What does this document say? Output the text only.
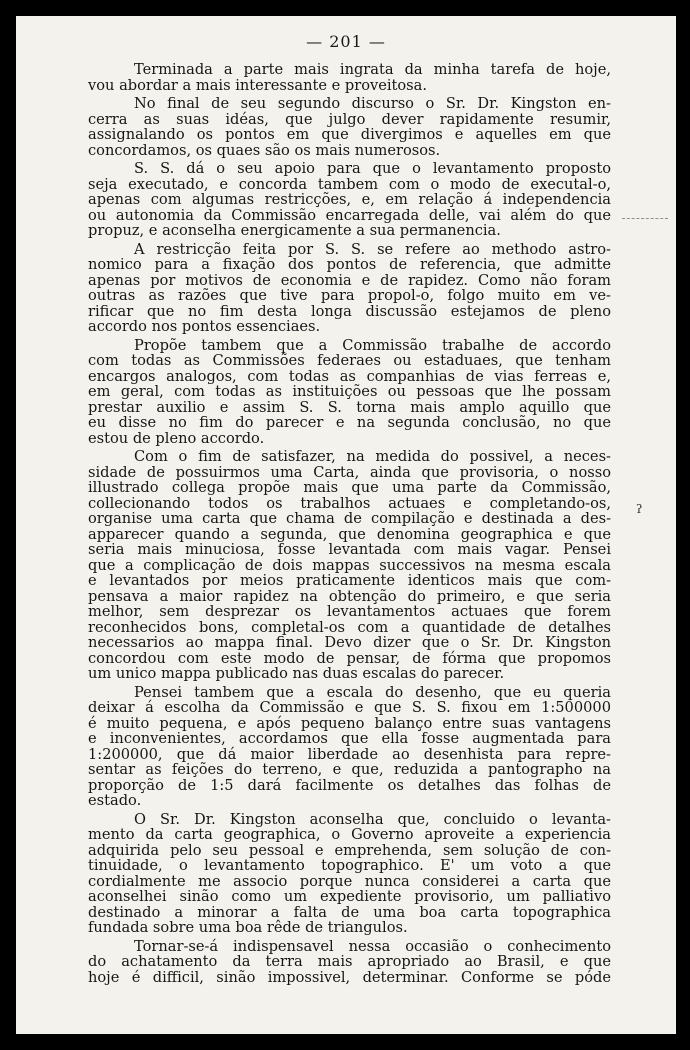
— 201 —
ʔ
Terminada a parte mais ingrata da minha tarefa de hoje,
vou abordar a mais interessante e proveitosa.
No final de seu segundo discurso o Sr. Dr. Kingston en-
cerra as suas idéas, que julgo dever rapidamente resumir,
assignalando os pontos em que divergimos e aquelles em que
concordamos, os quaes são os mais numerosos.
S. S. dá o seu apoio para que o levantamento proposto
seja executado, e concorda tambem com o modo de executal-o,
apenas com algumas restricções, e, em relação á independencia
ou autonomia da Commissão encarregada delle, vai além do que
propuz, e aconselha energicamente a sua permanencia.
A restricção feita por S. S. se refere ao methodo astro-
nomico para a fixação dos pontos de referencia, que admitte
apenas por motivos de economia e de rapidez. Como não foram
outras as razões que tive para propol-o, folgo muito em ve-
rificar que no fim desta longa discussão estejamos de pleno
accordo nos pontos essenciaes.
Propõe tambem que a Commissão trabalhe de accordo
com todas as Commissões federaes ou estaduaes, que tenham
encargos analogos, com todas as companhias de vias ferreas e,
em geral, com todas as instituições ou pessoas que lhe possam
prestar auxilio e assim S. S. torna mais amplo aquillo que
eu disse no fim do parecer e na segunda conclusão, no que
estou de pleno accordo.
Com o fim de satisfazer, na medida do possivel, a neces-
sidade de possuirmos uma Carta, ainda que provisoria, o nosso
illustrado collega propõe mais que uma parte da Commissão,
collecionando todos os trabalhos actuaes e completando-os,
organise uma carta que chama de compilação e destinada a des-
apparecer quando a segunda, que denomina geographica e que
seria mais minuciosa, fosse levantada com mais vagar. Pensei
que a complicação de dois mappas successivos na mesma escala
e levantados por meios praticamente identicos mais que com-
pensava a maior rapidez na obtenção do primeiro, e que seria
melhor, sem desprezar os levantamentos actuaes que forem
reconhecidos bons, completal-os com a quantidade de detalhes
necessarios ao mappa final. Devo dizer que o Sr. Dr. Kingston
concordou com este modo de pensar, de fórma que propomos
um unico mappa publicado nas duas escalas do parecer.
Pensei tambem que a escala do desenho, que eu queria
deixar á escolha da Commissão e que S. S. fixou em 1:500000
é muito pequena, e após pequeno balanço entre suas vantagens
e inconvenientes, accordamos que ella fosse augmentada para
1:200000, que dá maior liberdade ao desenhista para repre-
sentar as feições do terreno, e que, reduzida a pantographo na
proporção de 1:5 dará facilmente os detalhes das folhas de
estado.
O Sr. Dr. Kingston aconselha que, concluido o levanta-
mento da carta geographica, o Governo aproveite a experiencia
adquirida pelo seu pessoal e emprehenda, sem solução de con-
tinuidade, o levantamento topographico. E' um voto a que
cordialmente me associo porque nunca considerei a carta que
aconselhei sinão como um expediente provisorio, um palliativo
destinado a minorar a falta de uma boa carta topographica
fundada sobre uma boa rêde de triangulos.
Tornar-se-á indispensavel nessa occasião o conhecimento
do achatamento da terra mais apropriado ao Brasil, e que
hoje é difficil, sinão impossivel, determinar. Conforme se póde
